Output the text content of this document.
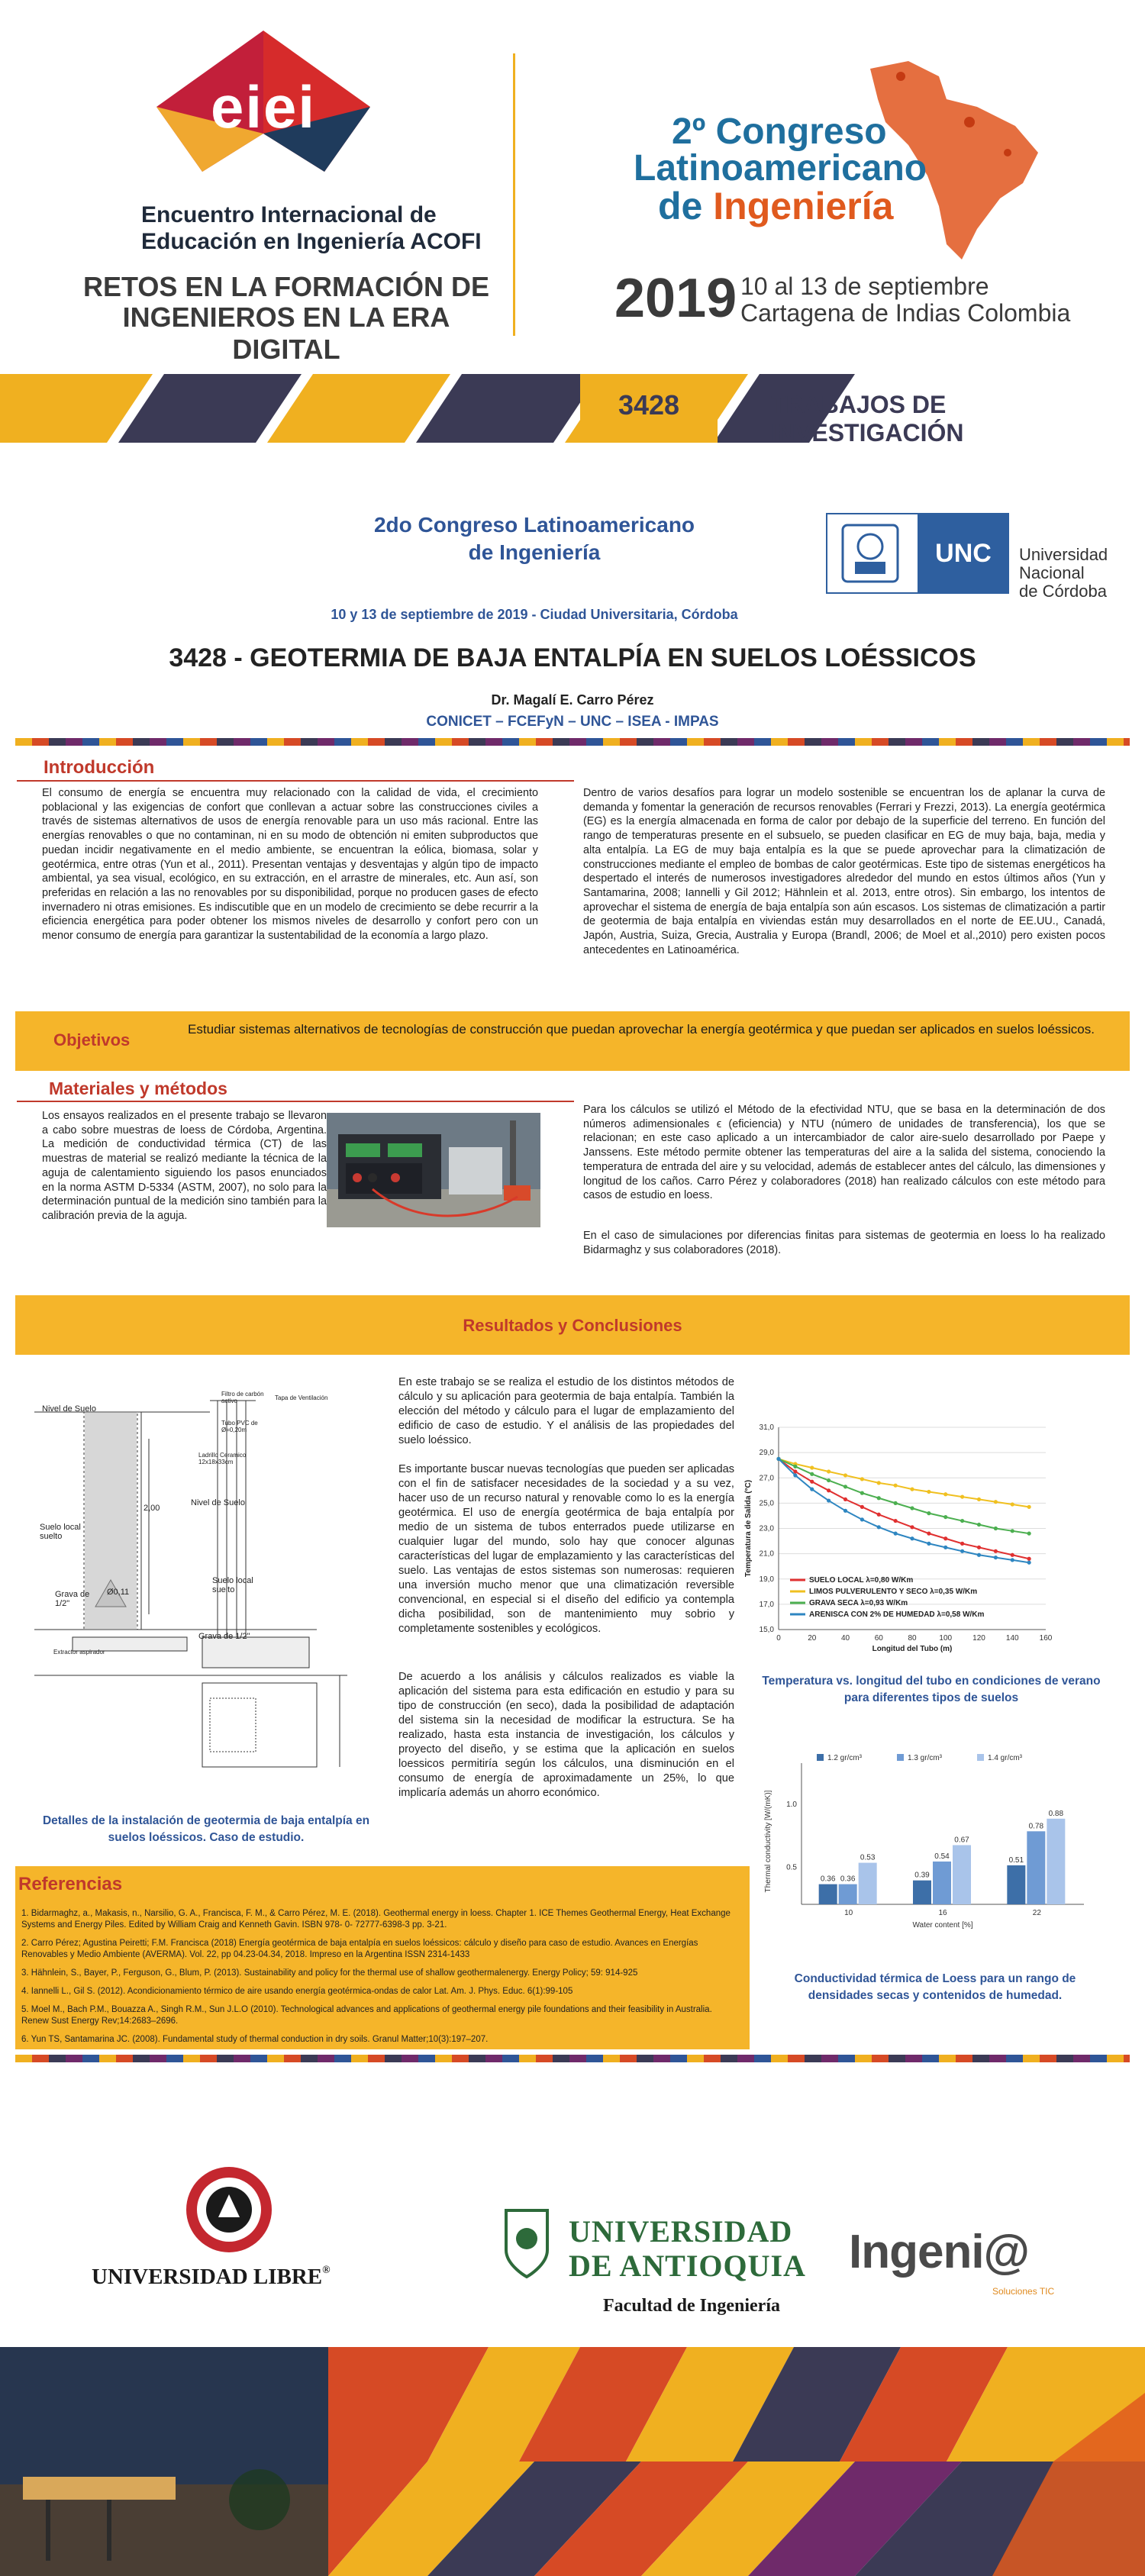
eiei
Encuentro Internacional de
Educación en Ingeniería ACOFI
RETOS EN LA FORMACIÓN DE
INGENIEROS EN LA ERA DIGITAL
2º Congreso
Latinoamericano
de Ingeniería
2019 10 al 13 de septiembre
Cartagena de Indias Colombia
3428	TRABAJOS DE INVESTIGACIÓN
2do Congreso Latinoamericano
de Ingeniería	UNC Universidad
Nacional
de Córdoba
10 y 13 de septiembre de 2019 - Ciudad Universitaria, Córdoba
3428 - GEOTERMIA DE BAJA ENTALPÍA EN SUELOS LOÉSSICOS
Dr. Magalí E. Carro Pérez
CONICET – FCEFyN – UNC – ISEA - IMPAS
Introducción

El consumo de energía se encuentra muy relacionado con la calidad de vida, el crecimiento poblacional y las exigencias de confort que conllevan a actuar sobre las construcciones civiles a través de sistemas alternativos de usos de energía renovable para un uso más racional. Entre las energías renovables o que no contaminan, ni en su modo de obtención ni emiten subproductos que puedan incidir negativamente en el medio ambiente, se encuentran la eólica, biomasa, solar y geotérmica, entre otras (Yun et al., 2011). Presentan ventajas y desventajas y algún tipo de impacto ambiental, ya sea visual, ecológico, en su extracción, en el arrastre de minerales, etc. Aun así, son preferidas en relación a las no renovables por su disponibilidad, porque no producen gases de efecto invernadero ni otras emisiones. Es indiscutible que en un modelo de crecimiento se debe recurrir a la eficiencia energética para poder obtener los mismos niveles de desarrollo y confort pero con un menor consumo de energía para garantizar la sustentabilidad de la economía a largo plazo.

Dentro de varios desafíos para lograr un modelo sostenible se encuentran los de aplanar la curva de demanda y fomentar la generación de recursos renovables (Ferrari y Frezzi, 2013). La energía geotérmica (EG) es la energía almacenada en forma de calor por debajo de la superficie del terreno. En función del rango de temperaturas presente en el subsuelo, se pueden clasificar en EG de muy baja, baja, media y alta entalpía. La EG de muy baja entalpía es la que se puede aprovechar para la climatización de construcciones mediante el empleo de bombas de calor geotérmicas. Este tipo de sistemas energéticos ha despertado el interés de numerosos investigadores alrededor del mundo en estos últimos años (Yun y Santamarina, 2008; Iannelli y Gil 2012; Hähnlein et al. 2013, entre otros). Sin embargo, los intentos de aprovechar el sistema de energía de baja entalpía son aún escasos. Los sistemas de climatización a partir de geotermia de baja entalpía en viviendas están muy desarrollados en el norte de EE.UU., Canadá, Japón, Austria, Suiza, Grecia, Australia y Europa (Brandl, 2006; de Moel et al.,2010) pero existen pocos antecedentes en Latinoamérica.

Objetivos
Estudiar sistemas alternativos de tecnologías de construcción que puedan aprovechar la energía geotérmica y que puedan ser aplicados en suelos loéssicos.
Materiales y métodos

Los ensayos realizados en el presente trabajo se llevaron a cabo sobre muestras de loess de Córdoba, Argentina. La medición de conductividad térmica (CT) de las muestras de material se realizó mediante la técnica de la aguja de calentamiento siguiendo los pasos enunciados en la norma ASTM D-5334 (ASTM, 2007), no solo para la determinación puntual de la medición sino también para la calibración previa de la aguja.

Para los cálculos se utilizó el Método de la efectividad NTU, que se basa en la determinación de dos números adimensionales ϵ (eficiencia) y NTU (número de unidades de transferencia), los que se relacionan; en este caso aplicado a un intercambiador de calor aire-suelo desarrollado por Paepe y Janssens. Este método permite obtener las temperaturas del aire a la salida del sistema, conociendo la temperatura de entrada del aire y su velocidad, además de establecer antes del cálculo, las dimensiones y longitud de los caños. Carro Pérez y colaboradores (2018) han realizado cálculos con este método para casos de estudio en loess.

En el caso de simulaciones por diferencias finitas para sistemas de geotermia en loess lo ha realizado Bidarmaghz y sus colaboradores (2018).

Resultados y Conclusiones
Nivel de Suelo
Filtro de carbón activo	Tapa de Ventilación
Tubo PVC de Ø=0,20m
Ladrillo Ceramico 12x18x33cm
Nivel de Suelo
Suelo local suelto
Suelo local suelto
Grava de 1/2"
Grava de 1/2"
2,00
Ø0,11
Extractor aspirador
Detalles de la instalación de geotermia de baja entalpía en suelos loéssicos. Caso de estudio.

En este trabajo se se realiza el estudio de los distintos métodos de cálculo y su aplicación para geotermia de baja entalpía. También la elección del método y cálculo para el lugar de emplazamiento del edificio de caso de estudio. Y el análisis de las propiedades del suelo loéssico.

Es importante buscar nuevas tecnologías que pueden ser aplicadas con el fin de satisfacer necesidades de la sociedad y a su vez, hacer uso de un recurso natural y renovable como lo es la energía geotérmica. El uso de energía geotérmica de baja entalpía por medio de un sistema de tubos enterrados puede utilizarse en cualquier lugar del mundo, solo hay que conocer algunas características del lugar de emplazamiento y las características del suelo. Las ventajas de estos sistemas son numerosas: requieren una inversión mucho menor que una climatización reversible convencional, en especial si el diseño del edificio ya contempla dicha posibilidad, son de mantenimiento muy sobrio y completamente sostenibles y ecológicos.

De acuerdo a los análisis y cálculos realizados es viable la aplicación del sistema para esta edificación en estudio y para su tipo de construcción (en seco), dada la posibilidad de adaptación del sistema sin la necesidad de modificar la estructura. Se ha realizado, hasta esta instancia de investigación, los cálculos y proyecto del diseño, y se estima que la aplicación en suelos loessicos permitiría según los cálculos, una disminución en el consumo de energía de aproximadamente un 25%, lo que implicaría además un ahorro económico.

15,0
17,0
19,0
21,0
23,0
25,0
27,0
29,0
31,0
0	20	40	60	80	100	120	140	160
Longitud del Tubo (m)
Temperatura de Salida (°C)
SUELO LOCAL λ=0,80 W/Km
LIMOS PULVERULENTO Y SECO λ=0,35 W/Km
GRAVA SECA λ=0,93 W/Km
ARENISCA CON 2% DE HUMEDAD λ=0,58 W/Km
Temperatura vs. longitud del tubo en condiciones de verano para diferentes tipos de suelos
0.5
1.0
Thermal conductivity [W/(mK)]
Water content [%]
0.36 0.36
0.53
10
0.39
0.54
0.67
16
0.51
0.78
0.88
22
1.2 gr/cm³	1.3 gr/cm³	1.4 gr/cm³
Conductividad térmica de Loess para un rango de densidades secas y contenidos de humedad.
Referencias
1. Bidarmaghz, a., Makasis, n., Narsilio, G. A., Francisca, F. M., & Carro Pérez, M. E. (2018). Geothermal energy in loess. Chapter 1. ICE Themes Geothermal Energy, Heat Exchange Systems and Energy Piles. Edited by William Craig and Kenneth Gavin. ISBN 978- 0- 72777-6398-3 pp. 3-21.
2. Carro Pérez; Agustina Peiretti; F.M. Francisca (2018) Energía geotérmica de baja entalpía en suelos loéssicos: cálculo y diseño para caso de estudio. Avances en Energías Renovables y Medio Ambiente (AVERMA). Vol. 22, pp 04.23-04.34, 2018. Impreso en la Argentina ISSN 2314-1433
3. Hähnlein, S., Bayer, P., Ferguson, G., Blum, P. (2013). Sustainability and policy for the thermal use of shallow geothermalenergy. Energy Policy; 59: 914-925
4. Iannelli L., Gil S. (2012). Acondicionamiento térmico de aire usando energía geotérmica-ondas de calor Lat. Am. J. Phys. Educ. 6(1):99-105
5. Moel M., Bach P.M., Bouazza A., Singh R.M., Sun J.L.O (2010). Technological advances and applications of geothermal energy pile foundations and their feasibility in Australia. Renew Sust Energy Rev;14:2683–2696.
6. Yun TS, Santamarina JC. (2008). Fundamental study of thermal conduction in dry soils. Granul Matter;10(3):197–207.
UNIVERSIDAD LIBRE®
UNIVERSIDAD
DE ANTIOQUIA
Facultad de Ingeniería
Ingeni@
Soluciones TIC
